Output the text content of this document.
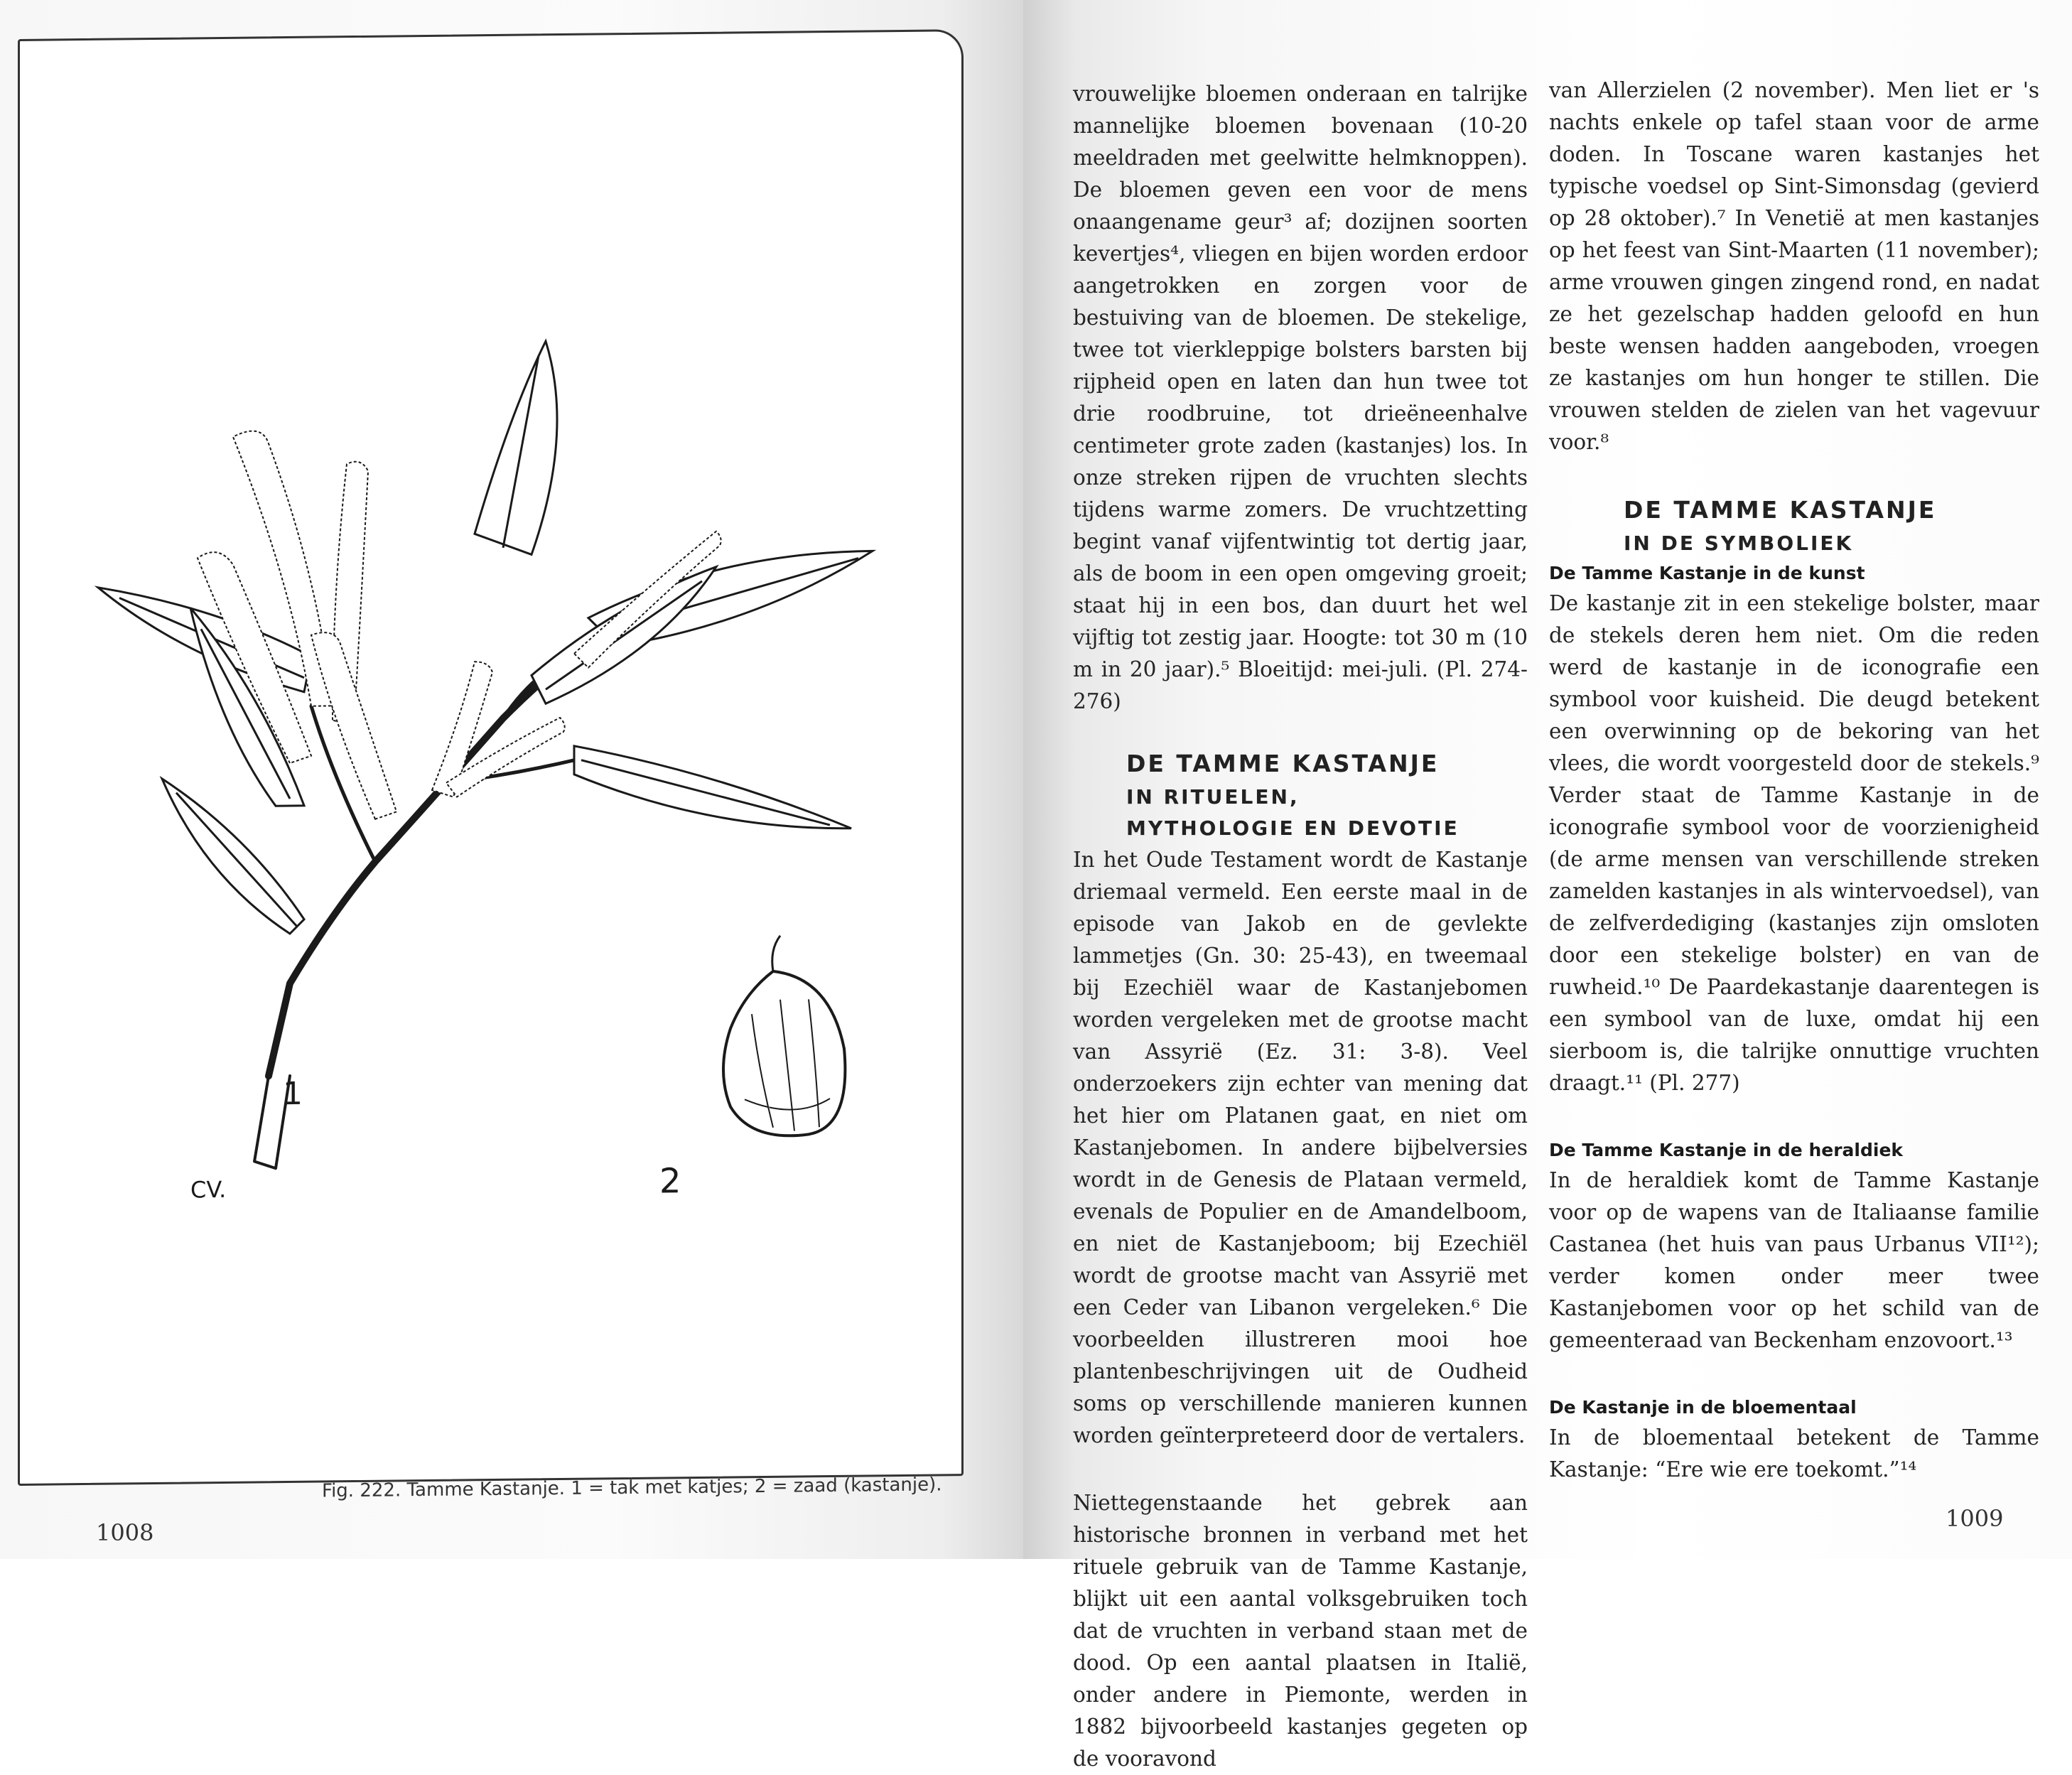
1
2
CV.
Fig. 222. Tamme Kastanje. 1 = tak met katjes; 2 = zaad (kastanje).
1008

vrouwelijke bloemen onderaan en talrijke mannelijke bloemen bovenaan (10-20 meeldraden met geelwitte helmknoppen). De bloemen geven een voor de mens onaangename geur³ af; dozijnen soorten kevertjes⁴, vliegen en bijen worden erdoor aangetrokken en zorgen voor de bestuiving van de bloemen. De stekelige, twee tot vierkleppige bolsters barsten bij rijpheid open en laten dan hun twee tot drie roodbruine, tot drieëneenhalve centimeter grote zaden (kastanjes) los. In onze streken rijpen de vruchten slechts tijdens warme zomers. De vruchtzetting begint vanaf vijfentwintig tot dertig jaar, als de boom in een open omgeving groeit; staat hij in een bos, dan duurt het wel vijftig tot zestig jaar. Hoogte: tot 30 m (10 m in 20 jaar).⁵ Bloeitijd: mei-juli. (Pl. 274-276)

DE TAMME KASTANJE
IN RITUELEN,
MYTHOLOGIE EN DEVOTIE

In het Oude Testament wordt de Kastanje driemaal vermeld. Een eerste maal in de episode van Jakob en de gevlekte lammetjes (Gn. 30: 25-43), en tweemaal bij Ezechiël waar de Kastanjebomen worden vergeleken met de grootse macht van Assyrië (Ez. 31: 3-8). Veel onderzoekers zijn echter van mening dat het hier om Platanen gaat, en niet om Kastanjebomen. In andere bijbelversies wordt in de Genesis de Plataan vermeld, evenals de Populier en de Amandelboom, en niet de Kastanjeboom; bij Ezechiël wordt de grootse macht van Assyrië met een Ceder van Libanon vergeleken.⁶ Die voorbeelden illustreren mooi hoe plantenbeschrijvingen uit de Oudheid soms op verschillende manieren kunnen worden geïnterpreteerd door de vertalers.

Niettegenstaande het gebrek aan historische bronnen in verband met het rituele gebruik van de Tamme Kastanje, blijkt uit een aantal volksgebruiken toch dat de vruchten in verband staan met de dood. Op een aantal plaatsen in Italië, onder andere in Piemonte, werden in 1882 bijvoorbeeld kastanjes gegeten op de vooravond

van Allerzielen (2 november). Men liet er 's nachts enkele op tafel staan voor de arme doden. In Toscane waren kastanjes het typische voedsel op Sint-Simonsdag (gevierd op 28 oktober).⁷ In Venetië at men kastanjes op het feest van Sint-Maarten (11 november); arme vrouwen gingen zingend rond, en nadat ze het gezelschap hadden geloofd en hun beste wensen hadden aangeboden, vroegen ze kastanjes om hun honger te stillen. Die vrouwen stelden de zielen van het vagevuur voor.⁸

DE TAMME KASTANJE
IN DE SYMBOLIEK
De Tamme Kastanje in de kunst

De kastanje zit in een stekelige bolster, maar de stekels deren hem niet. Om die reden werd de kastanje in de iconografie een symbool voor kuisheid. Die deugd betekent een overwinning op de bekoring van het vlees, die wordt voorgesteld door de stekels.⁹ Verder staat de Tamme Kastanje in de iconografie symbool voor de voorzienigheid (de arme mensen van verschillende streken zamelden kastanjes in als wintervoedsel), van de zelfverdediging (kastanjes zijn omsloten door een stekelige bolster) en van de ruwheid.¹⁰ De Paardekastanje daarentegen is een symbool van de luxe, omdat hij een sierboom is, die talrijke onnuttige vruchten draagt.¹¹ (Pl. 277)

De Tamme Kastanje in de heraldiek

In de heraldiek komt de Tamme Kastanje voor op de wapens van de Italiaanse familie Castanea (het huis van paus Urbanus VII¹²); verder komen onder meer twee Kastanjebomen voor op het schild van de gemeenteraad van Beckenham enzovoort.¹³

De Kastanje in de bloementaal

In de bloementaal betekent de Tamme Kastanje: “Ere wie ere toekomt.”¹⁴

1009
